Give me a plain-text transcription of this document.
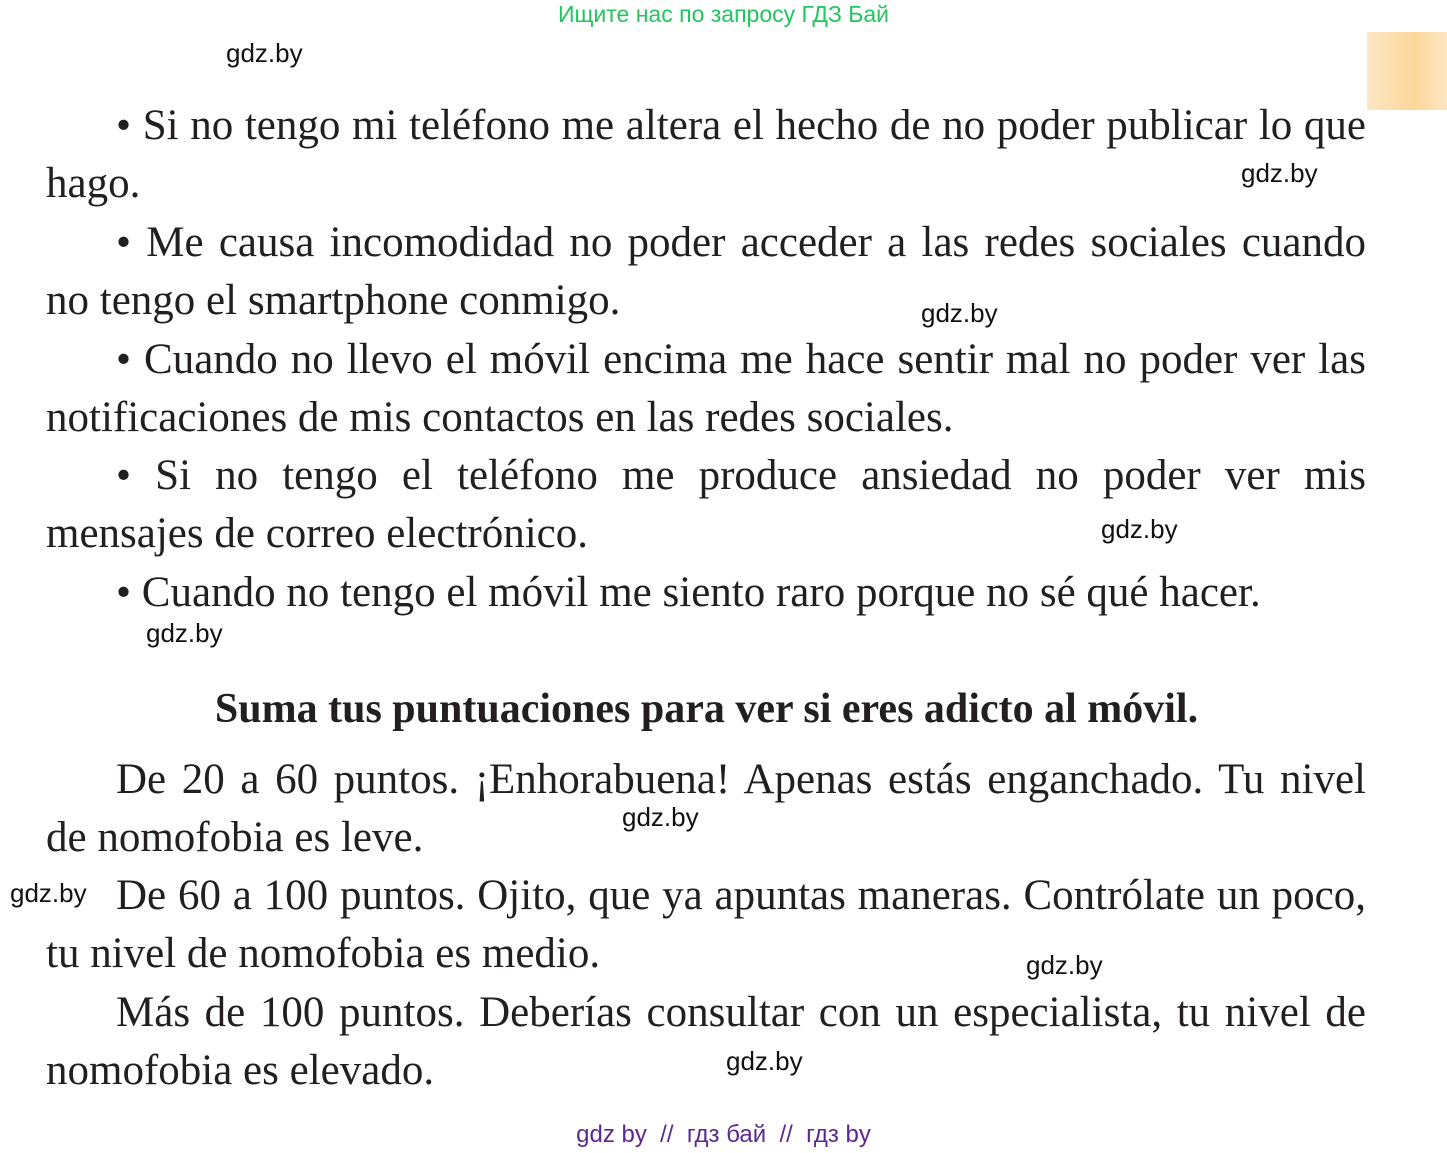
Ищите нас по запросу ГДЗ Бай
gdz.by
gdz.by
gdz.by
gdz.by
gdz.by
gdz.by
gdz.by
gdz.by
gdz.by

• Si no tengo mi teléfono me altera el hecho de no poder publicar lo que hago.

• Me causa incomodidad no poder acceder a las redes sociales cuando no tengo el smartphone conmigo.

• Cuando no llevo el móvil encima me hace sentir mal no poder ver las notificaciones de mis contactos en las redes sociales.

• Si no tengo el teléfono me produce ansiedad no poder ver mis mensajes de correo electrónico.

• Cuando no tengo el móvil me siento raro porque no sé qué hacer.

Suma tus puntuaciones para ver si eres adicto al móvil.

De 20 a 60 puntos. ¡Enhorabuena! Apenas estás enganchado. Tu nivel de nomofobia es leve.

De 60 a 100 puntos. Ojito, que ya apuntas maneras. Contrólate un poco, tu nivel de nomofobia es medio.

Más de 100 puntos. Deberías consultar con un especialista, tu nivel de nomofobia es elevado.

gdz by  //  гдз бай  //  гдз by
